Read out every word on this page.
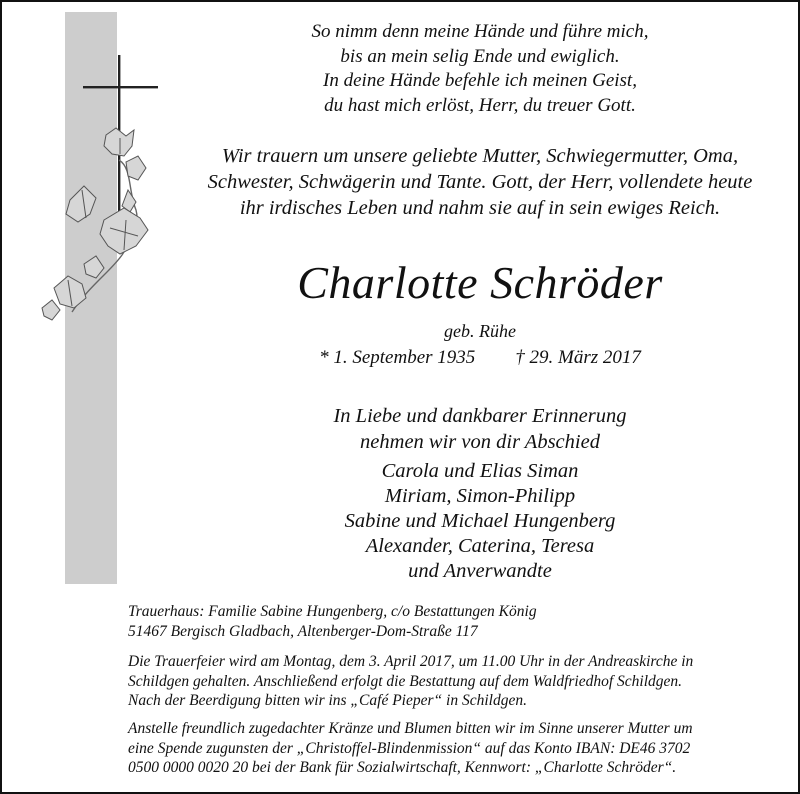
So nimm denn meine Hände und führe mich,
bis an mein selig Ende und ewiglich.
In deine Hände befehle ich meinen Geist,
du hast mich erlöst, Herr, du treuer Gott.
Wir trauern um unsere geliebte Mutter, Schwiegermutter, Oma,
Schwester, Schwägerin und Tante. Gott, der Herr, vollendete heute
ihr irdisches Leben und nahm sie auf in sein ewiges Reich.
Charlotte Schröder
geb. Rühe
* 1. September 1935 † 29. März 2017
In Liebe und dankbarer Erinnerung
nehmen wir von dir Abschied
Carola und Elias Siman
Miriam, Simon-Philipp
Sabine und Michael Hungenberg
Alexander, Caterina, Teresa
und Anverwandte
Trauerhaus: Familie Sabine Hungenberg, c/o Bestattungen König
51467 Bergisch Gladbach, Altenberger-Dom-Straße 117
Die Trauerfeier wird am Montag, dem 3. April 2017, um 11.00 Uhr in der Andreaskirche in
Schildgen gehalten. Anschließend erfolgt die Bestattung auf dem Waldfriedhof Schildgen.
Nach der Beerdigung bitten wir ins „Café Pieper“ in Schildgen.
Anstelle freundlich zugedachter Kränze und Blumen bitten wir im Sinne unserer Mutter um
eine Spende zugunsten der „Christoffel-Blindenmission“ auf das Konto IBAN: DE46 3702
0500 0000 0020 20 bei der Bank für Sozialwirtschaft, Kennwort: „Charlotte Schröder“.
